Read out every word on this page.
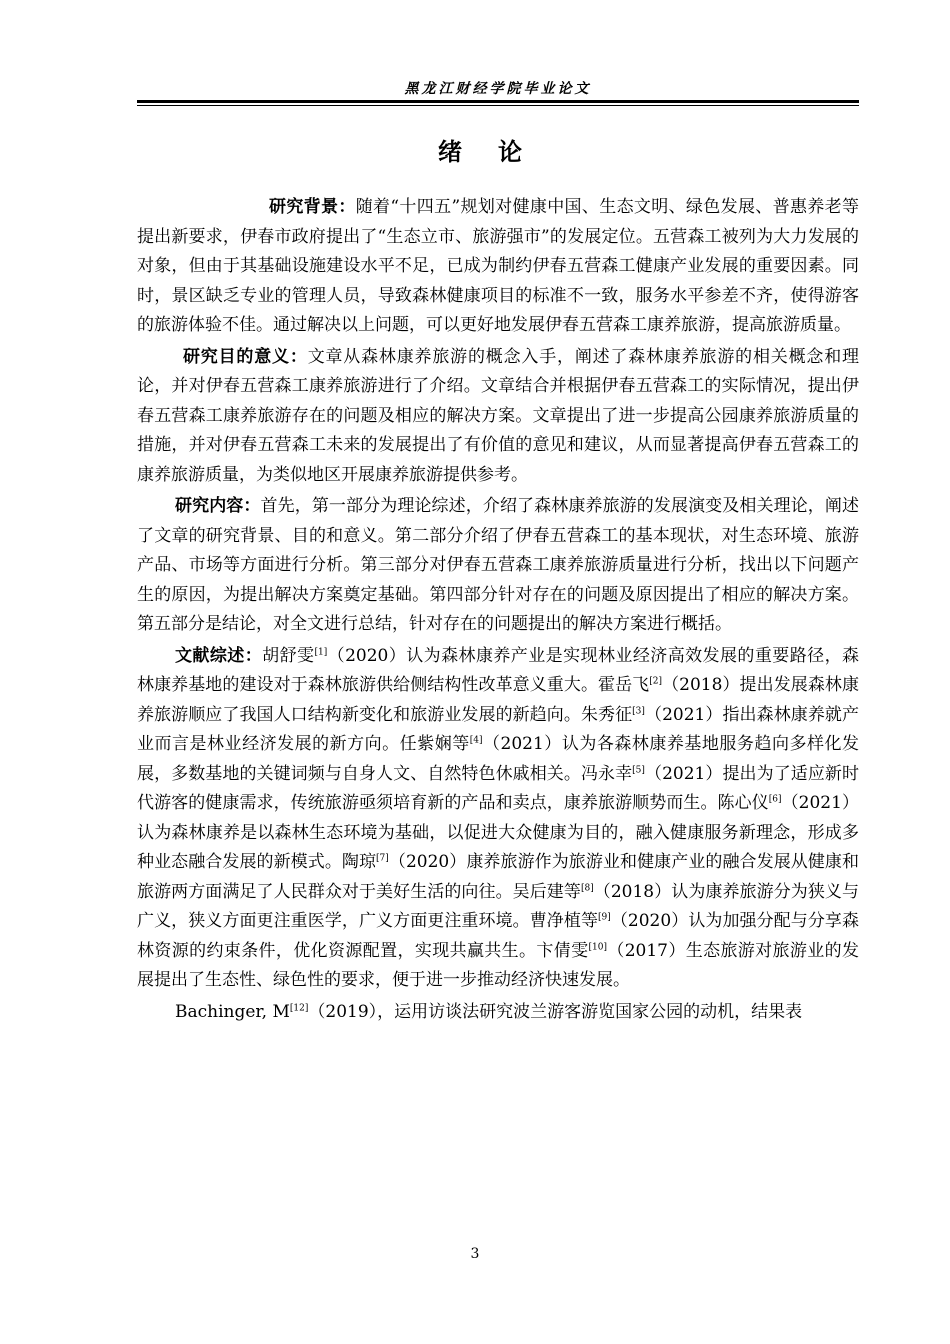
黑龙江财经学院毕业论文
绪论

研究背景：随着“十四五”规划对健康中国、生态文明、绿色发展、普惠养老等提出新要求，伊春市政府提出了“生态立市、旅游强市”的发展定位。五营森工被列为大力发展的对象，但由于其基础设施建设水平不足，已成为制约伊春五营森工健康产业发展的重要因素。同时，景区缺乏专业的管理人员，导致森林健康项目的标准不一致，服务水平参差不齐，使得游客的旅游体验不佳。通过解决以上问题，可以更好地发展伊春五营森工康养旅游，提高旅游质量。

研究目的意义：文章从森林康养旅游的概念入手，阐述了森林康养旅游的相关概念和理论，并对伊春五营森工康养旅游进行了介绍。文章结合并根据伊春五营森工的实际情况，提出伊春五营森工康养旅游存在的问题及相应的解决方案。文章提出了进一步提高公园康养旅游质量的措施，并对伊春五营森工未来的发展提出了有价值的意见和建议，从而显著提高伊春五营森工的康养旅游质量，为类似地区开展康养旅游提供参考。

研究内容：首先，第一部分为理论综述，介绍了森林康养旅游的发展演变及相关理论，阐述了文章的研究背景、目的和意义。第二部分介绍了伊春五营森工的基本现状，对生态环境、旅游产品、市场等方面进行分析。第三部分对伊春五营森工康养旅游质量进行分析，找出以下问题产生的原因，为提出解决方案奠定基础。第四部分针对存在的问题及原因提出了相应的解决方案。第五部分是结论，对全文进行总结，针对存在的问题提出的解决方案进行概括。

文献综述：胡舒雯[1]（2020）认为森林康养产业是实现林业经济高效发展的重要路径，森林康养基地的建设对于森林旅游供给侧结构性改革意义重大。霍岳飞[2]（2018）提出发展森林康养旅游顺应了我国人口结构新变化和旅游业发展的新趋向。朱秀征[3]（2021）指出森林康养就产业而言是林业经济发展的新方向。任紫娴等[4]（2021）认为各森林康养基地服务趋向多样化发展，多数基地的关键词频与自身人文、自然特色休戚相关。冯永幸[5]（2021）提出为了适应新时代游客的健康需求，传统旅游亟须培育新的产品和卖点，康养旅游顺势而生。陈心仪[6]（2021）认为森林康养是以森林生态环境为基础，以促进大众健康为目的，融入健康服务新理念，形成多种业态融合发展的新模式。陶琼[7]（2020）康养旅游作为旅游业和健康产业的融合发展从健康和旅游两方面满足了人民群众对于美好生活的向往。吴后建等[8]（2018）认为康养旅游分为狭义与广义，狭义方面更注重医学，广义方面更注重环境。曹净植等[9]（2020）认为加强分配与分享森林资源的约束条件，优化资源配置，实现共赢共生。卞倩雯[10]（2017）生态旅游对旅游业的发展提出了生态性、绿色性的要求，便于进一步推动经济快速发展。

Bachinger, M[12]（2019），运用访谈法研究波兰游客游览国家公园的动机，结果表

3
